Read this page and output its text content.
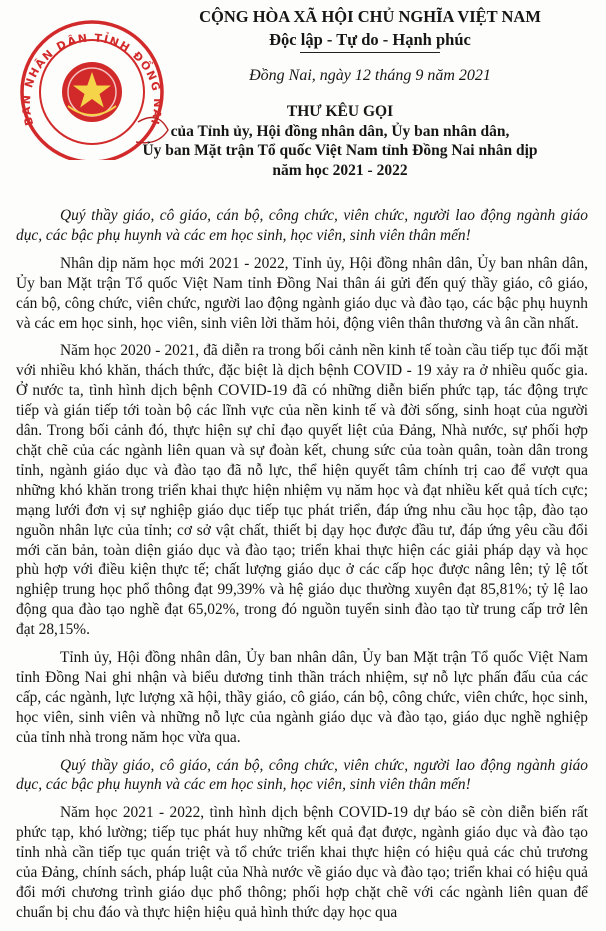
BAN NHÂN DÂN TỈNH ĐỒNG NAI
CỘNG HÒA XÃ HỘI CHỦ NGHĨA VIỆT NAM
Độc lập - Tự do - Hạnh phúc
Đồng Nai, ngày 12 tháng 9 năm 2021
THƯ KÊU GỌI
của Tỉnh ủy, Hội đồng nhân dân, Ủy ban nhân dân,
Ủy ban Mặt trận Tổ quốc Việt Nam tỉnh Đồng Nai nhân dịp
năm học 2021 - 2022

Quý thầy giáo, cô giáo, cán bộ, công chức, viên chức, người lao động ngành giáo dục, các bậc phụ huynh và các em học sinh, học viên, sinh viên thân mến!

Nhân dịp năm học mới 2021 - 2022, Tỉnh ủy, Hội đồng nhân dân, Ủy ban nhân dân, Ủy ban Mặt trận Tổ quốc Việt Nam tỉnh Đồng Nai thân ái gửi đến quý thầy giáo, cô giáo, cán bộ, công chức, viên chức, người lao động ngành giáo dục và đào tạo, các bậc phụ huynh và các em học sinh, học viên, sinh viên lời thăm hỏi, động viên thân thương và ân cần nhất.

Năm học 2020 - 2021, đã diễn ra trong bối cảnh nền kinh tế toàn cầu tiếp tục đối mặt với nhiều khó khăn, thách thức, đặc biệt là dịch bệnh COVID - 19 xảy ra ở nhiều quốc gia. Ở nước ta, tình hình dịch bệnh COVID-19 đã có những diễn biến phức tạp, tác động trực tiếp và gián tiếp tới toàn bộ các lĩnh vực của nền kinh tế và đời sống, sinh hoạt của người dân. Trong bối cảnh đó, thực hiện sự chỉ đạo quyết liệt của Đảng, Nhà nước, sự phối hợp chặt chẽ của các ngành liên quan và sự đoàn kết, chung sức của toàn quân, toàn dân trong tỉnh, ngành giáo dục và đào tạo đã nỗ lực, thể hiện quyết tâm chính trị cao để vượt qua những khó khăn trong triển khai thực hiện nhiệm vụ năm học và đạt nhiều kết quả tích cực; mạng lưới đơn vị sự nghiệp giáo dục tiếp tục phát triển, đáp ứng nhu cầu học tập, đào tạo nguồn nhân lực của tỉnh; cơ sở vật chất, thiết bị dạy học được đầu tư, đáp ứng yêu cầu đổi mới căn bản, toàn diện giáo dục và đào tạo; triển khai thực hiện các giải pháp dạy và học phù hợp với điều kiện thực tế; chất lượng giáo dục ở các cấp học được nâng lên; tỷ lệ tốt nghiệp trung học phổ thông đạt 99,39% và hệ giáo dục thường xuyên đạt 85,81%; tỷ lệ lao động qua đào tạo nghề đạt 65,02%, trong đó nguồn tuyển sinh đào tạo từ trung cấp trở lên đạt 28,15%.

Tỉnh ủy, Hội đồng nhân dân, Ủy ban nhân dân, Ủy ban Mặt trận Tổ quốc Việt Nam tỉnh Đồng Nai ghi nhận và biểu dương tinh thần trách nhiệm, sự nỗ lực phấn đấu của các cấp, các ngành, lực lượng xã hội, thầy giáo, cô giáo, cán bộ, công chức, viên chức, học sinh, học viên, sinh viên và những nỗ lực của ngành giáo dục và đào tạo, giáo dục nghề nghiệp của tỉnh nhà trong năm học vừa qua.

Quý thầy giáo, cô giáo, cán bộ, công chức, viên chức, người lao động ngành giáo dục, các bậc phụ huynh và các em học sinh, học viên, sinh viên thân mến!

Năm học 2021 - 2022, tình hình dịch bệnh COVID-19 dự báo sẽ còn diễn biến rất phức tạp, khó lường; tiếp tục phát huy những kết quả đạt được, ngành giáo dục và đào tạo tỉnh nhà cần tiếp tục quán triệt và tổ chức triển khai thực hiện có hiệu quả các chủ trương của Đảng, chính sách, pháp luật của Nhà nước về giáo dục và đào tạo; triển khai có hiệu quả đổi mới chương trình giáo dục phổ thông; phối hợp chặt chẽ với các ngành liên quan để chuẩn bị chu đáo và thực hiện hiệu quả hình thức dạy học qua
